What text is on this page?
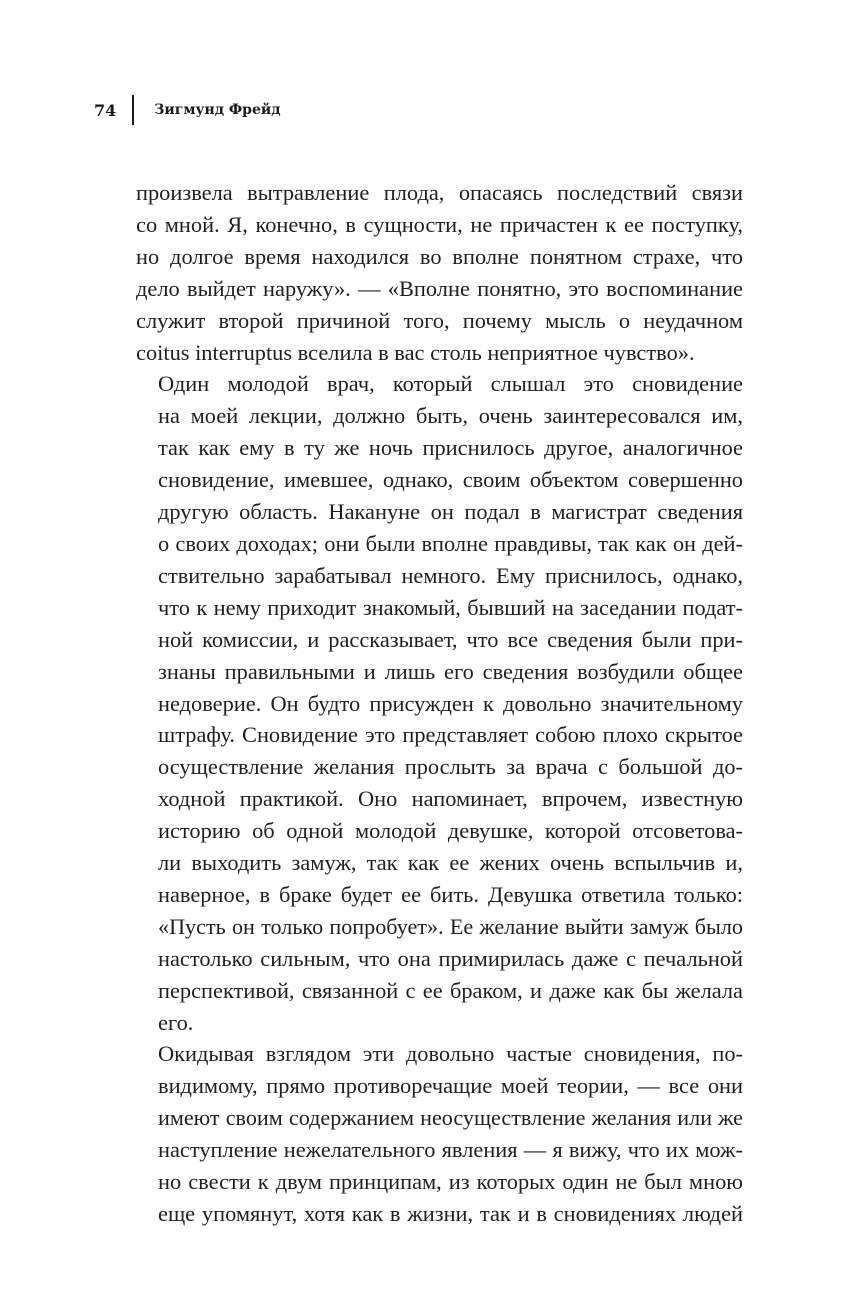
74	Зигмунд Фрейд

произвела вытравление плода, опасаясь последствий связи
со мной. Я, конечно, в сущности, не причастен к ее поступку,
но долгое время находился во вполне понятном страхе, что
дело выйдет наружу». — «Вполне понятно, это воспоминание
служит второй причиной того, почему мысль о неудачном
coitus interruptus вселила в вас столь неприятное чувство».

Один молодой врач, который слышал это сновидение
на моей лекции, должно быть, очень заинтересовался им,
так как ему в ту же ночь приснилось другое, аналогичное
сновидение, имевшее, однако, своим объектом совершенно
другую область. Накануне он подал в магистрат сведения
о своих доходах; они были вполне правдивы, так как он дей-
ствительно зарабатывал немного. Ему приснилось, однако,
что к нему приходит знакомый, бывший на заседании подат-
ной комиссии, и рассказывает, что все сведения были при-
знаны правильными и лишь его сведения возбудили общее
недоверие. Он будто присужден к довольно значительному
штрафу. Сновидение это представляет собою плохо скрытое
осуществление желания прослыть за врача с большой до-
ходной практикой. Оно напоминает, впрочем, известную
историю об одной молодой девушке, которой отсоветова-
ли выходить замуж, так как ее жених очень вспыльчив и,
наверное, в браке будет ее бить. Девушка ответила только:
«Пусть он только попробует». Ее желание выйти замуж было
настолько сильным, что она примирилась даже с печальной
перспективой, связанной с ее браком, и даже как бы желала
его.

Окидывая взглядом эти довольно частые сновидения, по-
видимому, прямо противоречащие моей теории, — все они
имеют своим содержанием неосуществление желания или же
наступление нежелательного явления — я вижу, что их мож-
но свести к двум принципам, из которых один не был мною
еще упомянут, хотя как в жизни, так и в сновидениях людей
